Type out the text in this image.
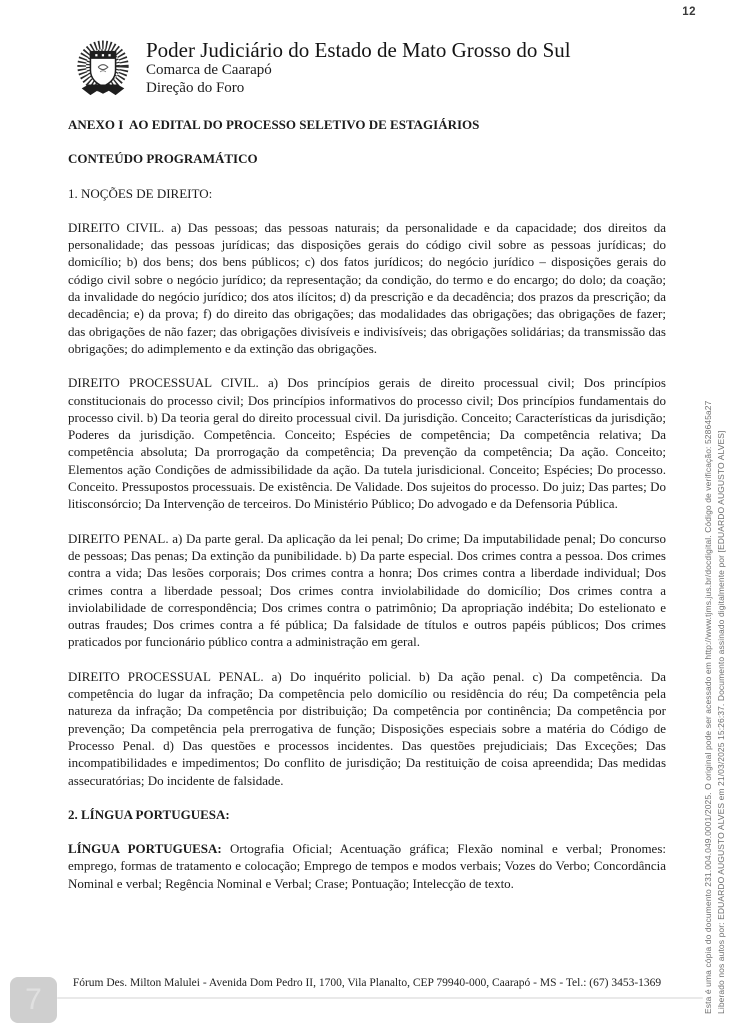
12
Poder Judiciário do Estado de Mato Grosso do Sul
Comarca de Caarapó
Direção do Foro
ANEXO I  AO EDITAL DO PROCESSO SELETIVO DE ESTAGIÁRIOS
CONTEÚDO PROGRAMÁTICO
1. NOÇÕES DE DIREITO:

DIREITO CIVIL. a) Das pessoas; das pessoas naturais; da personalidade e da capacidade; dos direitos da personalidade; das pessoas jurídicas; das disposições gerais do código civil sobre as pessoas jurídicas; do domicílio; b) dos bens; dos bens públicos; c) dos fatos jurídicos; do negócio jurídico – disposições gerais do código civil sobre o negócio jurídico; da representação; da condição, do termo e do encargo; do dolo; da coação; da invalidade do negócio jurídico; dos atos ilícitos; d) da prescrição e da decadência; dos prazos da prescrição; da decadência; e) da prova; f) do direito das obrigações; das modalidades das obrigações; das obrigações de fazer; das obrigações de não fazer; das obrigações divisíveis e indivisíveis; das obrigações solidárias; da transmissão das obrigações; do adimplemento e da extinção das obrigações.

DIREITO PROCESSUAL CIVIL. a) Dos princípios gerais de direito processual civil; Dos princípios constitucionais do processo civil; Dos princípios informativos do processo civil; Dos princípios fundamentais do processo civil. b) Da teoria geral do direito processual civil. Da jurisdição. Conceito; Características da jurisdição; Poderes da jurisdição. Competência. Conceito; Espécies de competência; Da competência relativa; Da competência absoluta; Da prorrogação da competência; Da prevenção da competência; Da ação. Conceito; Elementos ação Condições de admissibilidade da ação. Da tutela jurisdicional. Conceito; Espécies; Do processo. Conceito. Pressupostos processuais. De existência. De Validade. Dos sujeitos do processo. Do juiz; Das partes; Do litisconsórcio; Da Intervenção de terceiros. Do Ministério Público; Do advogado e da Defensoria Pública.

DIREITO PENAL. a) Da parte geral. Da aplicação da lei penal; Do crime; Da imputabilidade penal; Do concurso de pessoas; Das penas; Da extinção da punibilidade. b) Da parte especial. Dos crimes contra a pessoa. Dos crimes contra a vida; Das lesões corporais; Dos crimes contra a honra; Dos crimes contra a liberdade individual; Dos crimes contra a liberdade pessoal; Dos crimes contra inviolabilidade do domicílio; Dos crimes contra a inviolabilidade de correspondência; Dos crimes contra o patrimônio; Da apropriação indébita; Do estelionato e outras fraudes; Dos crimes contra a fé pública; Da falsidade de títulos e outros papéis públicos; Dos crimes praticados por funcionário público contra a administração em geral.

DIREITO PROCESSUAL PENAL. a) Do inquérito policial. b) Da ação penal. c) Da competência. Da competência do lugar da infração; Da competência pelo domicílio ou residência do réu; Da competência pela natureza da infração; Da competência por distribuição; Da competência por continência; Da competência por prevenção; Da competência pela prerrogativa de função; Disposições especiais sobre a matéria do Código de Processo Penal. d) Das questões e processos incidentes. Das questões prejudiciais; Das Exceções; Das incompatibilidades e impedimentos; Do conflito de jurisdição; Da restituição de coisa apreendida; Das medidas assecuratórias; Do incidente de falsidade.

2. LÍNGUA PORTUGUESA:

LÍNGUA PORTUGUESA: Ortografia Oficial; Acentuação gráfica; Flexão nominal e verbal; Pronomes: emprego, formas de tratamento e colocação; Emprego de tempos e modos verbais; Vozes do Verbo; Concordância Nominal e verbal; Regência Nominal e Verbal; Crase; Pontuação; Intelecção de texto.

Fórum Des. Milton Malulei - Avenida Dom Pedro II, 1700, Vila Planalto, CEP 79940-000, Caarapó - MS - Tel.: (67) 3453-1369
7	Esta é uma cópia do documento 231.004.049.0001/2025. O original pode ser acessado em http://www.tjms.jus.br/docdigital. Código de verificação: 528645a27 Liberado nos autos por: EDUARDO AUGUSTO ALVES em 21/03/2025 15:26:37. Documento assinado digitalmente por [EDUARDO AUGUSTO ALVES]
